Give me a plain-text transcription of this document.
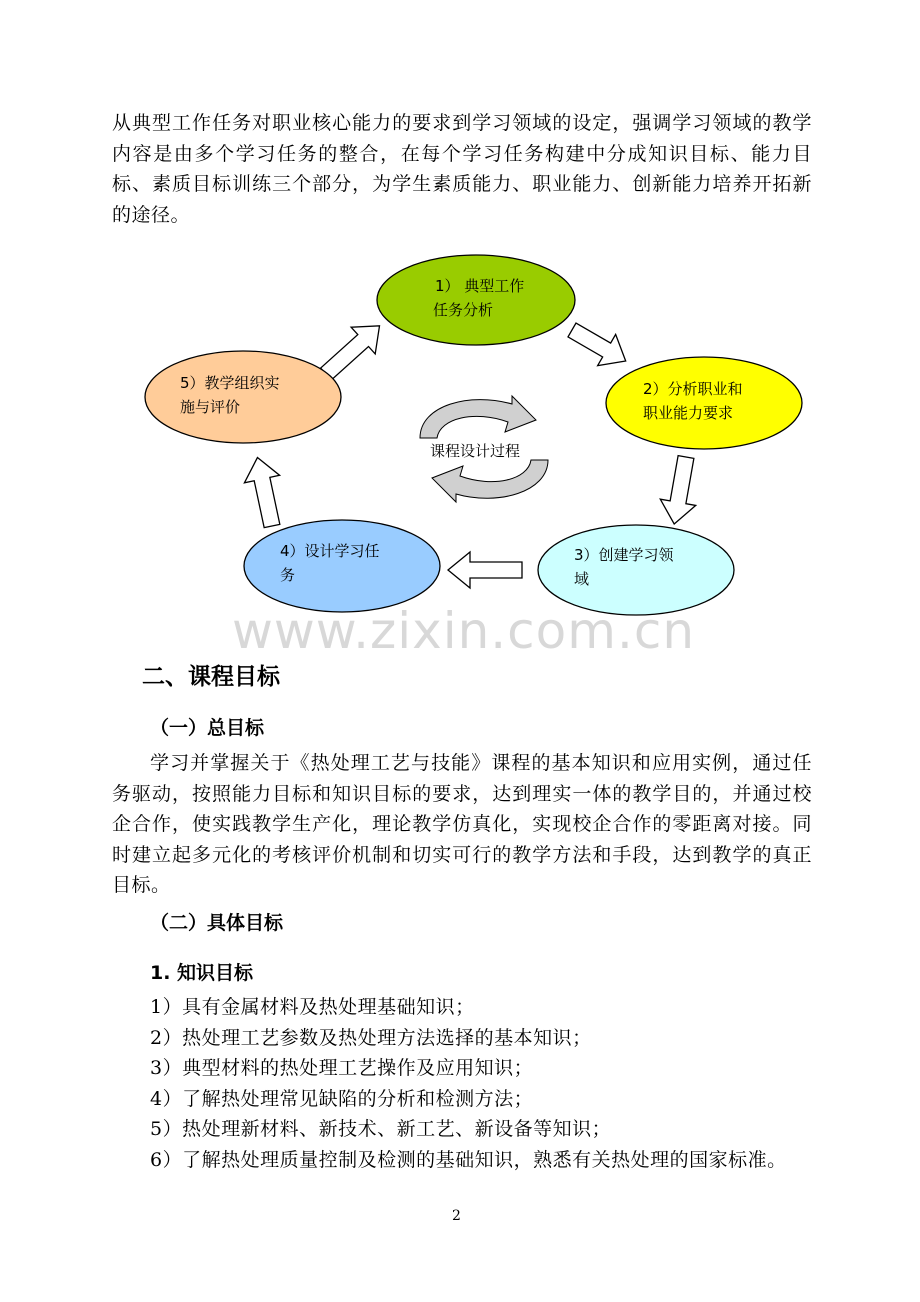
从典型工作任务对职业核心能力的要求到学习领域的设定，强调学习领域的教学内容是由多个学习任务的整合，在每个学习任务构建中分成知识目标、能力目标、素质目标训练三个部分，为学生素质能力、职业能力、创新能力培养开拓新的途径。
课程设计过程
1） 典型工作
任务分析
2）分析职业和
职业能力要求
3）创建学习领
域
4）设计学习任
务
5）教学组织实
施与评价
www.zixin.com.cn
二、课程目标
（一）总目标
学习并掌握关于《热处理工艺与技能》课程的基本知识和应用实例，通过任务驱动，按照能力目标和知识目标的要求，达到理实一体的教学目的，并通过校企合作，使实践教学生产化，理论教学仿真化，实现校企合作的零距离对接。同时建立起多元化的考核评价机制和切实可行的教学方法和手段，达到教学的真正目标。
（二）具体目标
1. 知识目标
1）具有金属材料及热处理基础知识；
2）热处理工艺参数及热处理方法选择的基本知识；
3）典型材料的热处理工艺操作及应用知识；
4）了解热处理常见缺陷的分析和检测方法；
5）热处理新材料、新技术、新工艺、新设备等知识；
6）了解热处理质量控制及检测的基础知识，熟悉有关热处理的国家标准。
2
